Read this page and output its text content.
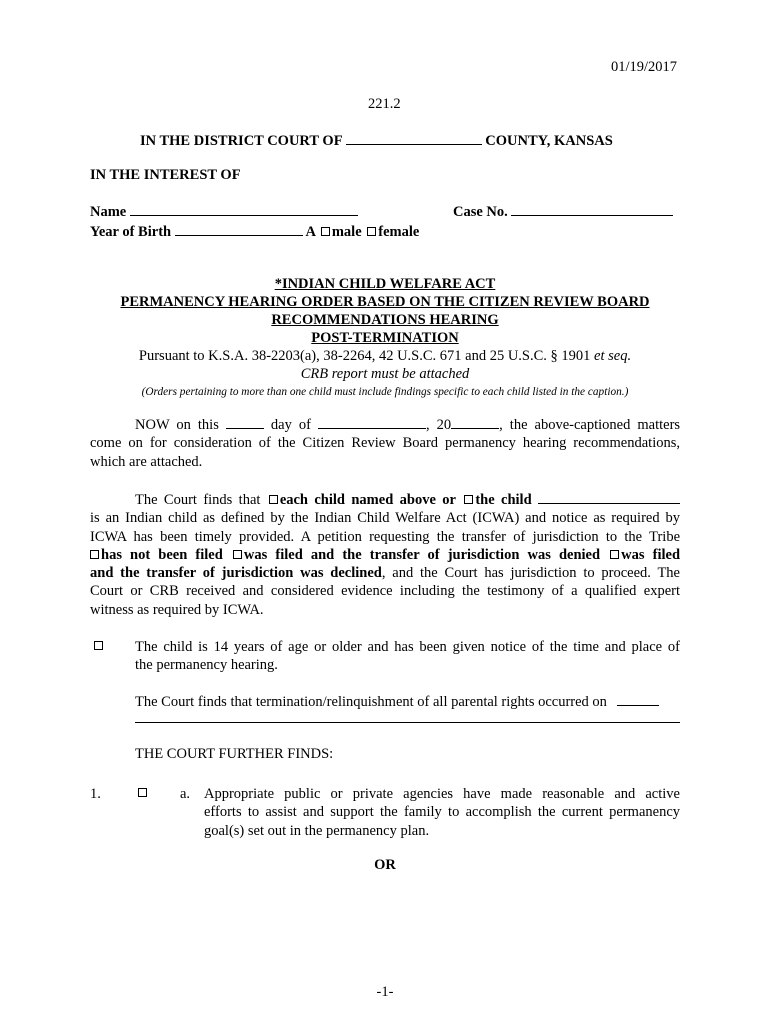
01/19/2017
221.2
IN THE DISTRICT COURT OF	COUNTY, KANSAS
IN THE INTEREST OF
Name	Case No.
Year of Birth	A male female
*INDIAN CHILD WELFARE ACT
PERMANENCY HEARING ORDER BASED ON THE CITIZEN REVIEW BOARD
RECOMMENDATIONS HEARING
POST-TERMINATION
Pursuant to K.S.A. 38-2203(a), 38-2264, 42 U.S.C. 671 and 25 U.S.C. § 1901 et seq.
CRB report must be attached
(Orders pertaining to more than one child must include findings specific to each child listed in the caption.)
NOW on this	day of	, 20	, the above-captioned matters
come on for consideration of the Citizen Review Board permanency hearing recommendations,
which are attached.
The Court finds that each child named above or the child
is an Indian child as defined by the Indian Child Welfare Act (ICWA) and notice as required by
ICWA has been timely provided. A petition requesting the transfer of jurisdiction to the Tribe
has not been filed was filed and the transfer of jurisdiction was denied was filed
and the transfer of jurisdiction was declined, and the Court has jurisdiction to proceed. The
Court or CRB received and considered evidence including the testimony of a qualified expert
witness as required by ICWA.
The child is 14 years of age or older and has been given notice of the time and place of
the permanency hearing.
The Court finds that termination/relinquishment of all parental rights occurred on
THE COURT FURTHER FINDS:
1.	a. Appropriate public or private agencies have made reasonable and active
efforts to assist and support the family to accomplish the current permanency
goal(s) set out in the permanency plan.
OR
-1-
